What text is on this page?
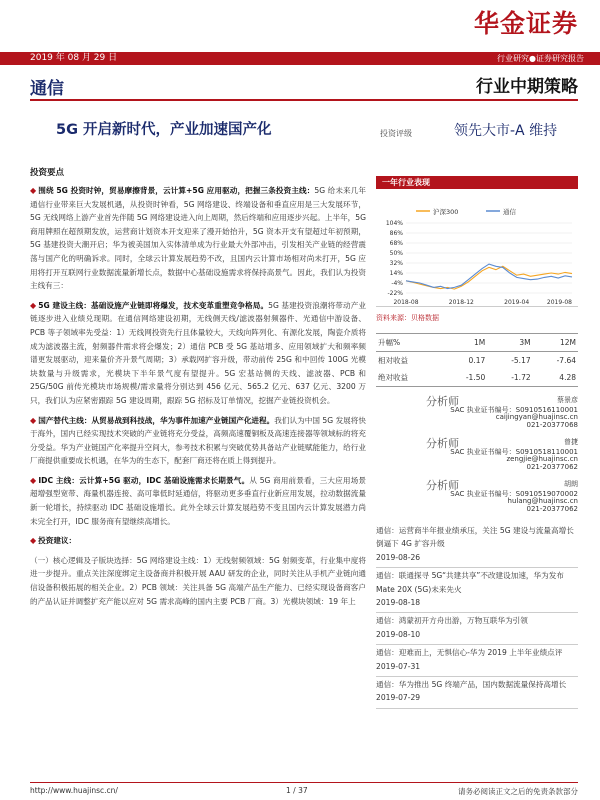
华金证券
2019 年 08 月 29 日	行业研究●证券研究报告
通信	行业中期策略
5G 开启新时代，产业加速国产化	投资评级	领先大市-A 维持
投资要点
◆ 围绕 5G 投资时钟，贸易摩擦背景，云计算+5G 应用驱动，把握三条投资主线：5G 给未来几年通信行业带来巨大发展机遇，从投资时钟看，5G 网络建设、终端设备和垂直应用是三大发展环节，5G 无线网络上游产业首先伴随 5G 网络建设进入向上周期，然后终端和应用逐步兴起。上半年，5G 商用牌照在超预期发放，运营商计划资本开支迎来了漫开始抬升，5G 资本开支有望超过年初预期，5G 基建投资大潮开启；华为被美国加入实体清单成为行业最大外部冲击，引发相关产业链的经营震荡与国产化的明确诉求。同时，全球云计算发展趋势不改，且国内云计算市场相对尚未打开，5G 应用将打开互联网行业数据流量新增长点，数据中心基础设施需求将保持高景气。因此，我们认为投资主线有三：
◆ 5G 建设主线：基础设施产业链即将爆发，技术变革重塑竞争格局。5G 基建投资浪潮将带动产业链逐步进入业绩兑现期。在通信网络建设初期，无线侧天线/滤波器射频器件、光通信中游设备、PCB 等子领域率先受益：1）无线网投资先行且体量较大，天线向阵列化、有源化发展，陶瓷介质将成为滤波器主流，射频器件需求将会爆发；2）通信 PCB 受 5G 基站增多、应用领域扩大和频率频谱更发展驱动，迎来量价齐升景气周期；3）承载网扩容升级，带动前传 25G 和中回传 100G 光模块数量与升级需求，光模块下半年景气度有望提升。5G 宏基站侧的天线、滤波器、PCB 和 25G/50G 前传光模块市场规模/需求量将分别达到 456 亿元、565.2 亿元、637 亿元、3200 万只，我们认为应紧密跟踪 5G 建设周期，跟踪 5G 招标及订单情况，挖掘产业链投资机会。
◆ 国产替代主线：从贸易战到科技战，华为事件加速产业链国产化进程。我们认为中国 5G 发展将快于海外，国内已经实现技术突破的产业链将充分受益，高频高速覆铜板及高速连接器等领域标的将充分受益。华为产业链国产化率提升空间大，参考技术积累与突破优势具备站产业链赋能能力，给行业厂商提供重要成长机遇，在华为的生态下，配套厂商还将在质上得到提升。
◆ IDC 主线：云计算+5G 驱动，IDC 基础设施需求长期景气。从 5G 商用前景看，三大应用场景超增强型宽带、海量机器连接、高可靠低时延通信，将驱动更多垂直行业新应用发展，拉动数据流量新一轮增长，持续驱动 IDC 基础设施增长。此外全球云计算发展趋势不变且国内云计算发展潜力尚未完全打开，IDC 服务商有望继续高增长。
◆ 投资建议：
（一）核心逻辑及子版块选择：5G 网络建设主线：1）无线射频领域：5G 射频变革，行业集中度将进一步提升。重点关注深度绑定主设备商并积极开展 AAU 研发的企业，同时关注从手机产业链向通信设备积极拓展的相关企业。2）PCB 领域：关注具备 5G 高端产品生产能力、已经实现设备商客户的产品认证并调整扩充产能以应对 5G 需求高峰的国内主要 PCB 厂商。3）光模块领域：19 年上
一年行业表现
沪深300	通信
104%
86%
68%
50%
32%
14%
-4%
-22%
2018-08	2018-12	2019-04	2019-08
资料来源：贝格数据
升幅%	1M	3M	12M
相对收益	0.17	-5.17	-7.64
绝对收益	-1.50	-1.72	4.28
分析师	蔡景彦
SAC 执业证书编号：S0910516110001
caijingyan@huajinsc.cn
021-20377068
分析师	曾捷
SAC 执业证书编号：S0910518110001
zengjie@huajinsc.cn
021-20377062
分析师	胡朗
SAC 执业证书编号：S0910519070002
hulang@huajinsc.cn
021-20377062
通信：运营商半年报业绩承压，关注 5G 建设与流量高增长倒逼下 4G 扩容升级
2019-08-26
通信：联通探寻 5G“共建共享”不改建设加速，华为发布 Mate 20X (5G)未来先火
2019-08-18
通信：鸿蒙初开方舟出游，万物互联华为引领
2019-08-10
通信：迎难而上，无惧信心-华为 2019 上半年业绩点评
2019-07-31
通信：华为推出 5G 终端产品，国内数据流量保持高增长
2019-07-29
http://www.huajinsc.cn/	1 / 37	请务必阅读正文之后的免责条款部分
